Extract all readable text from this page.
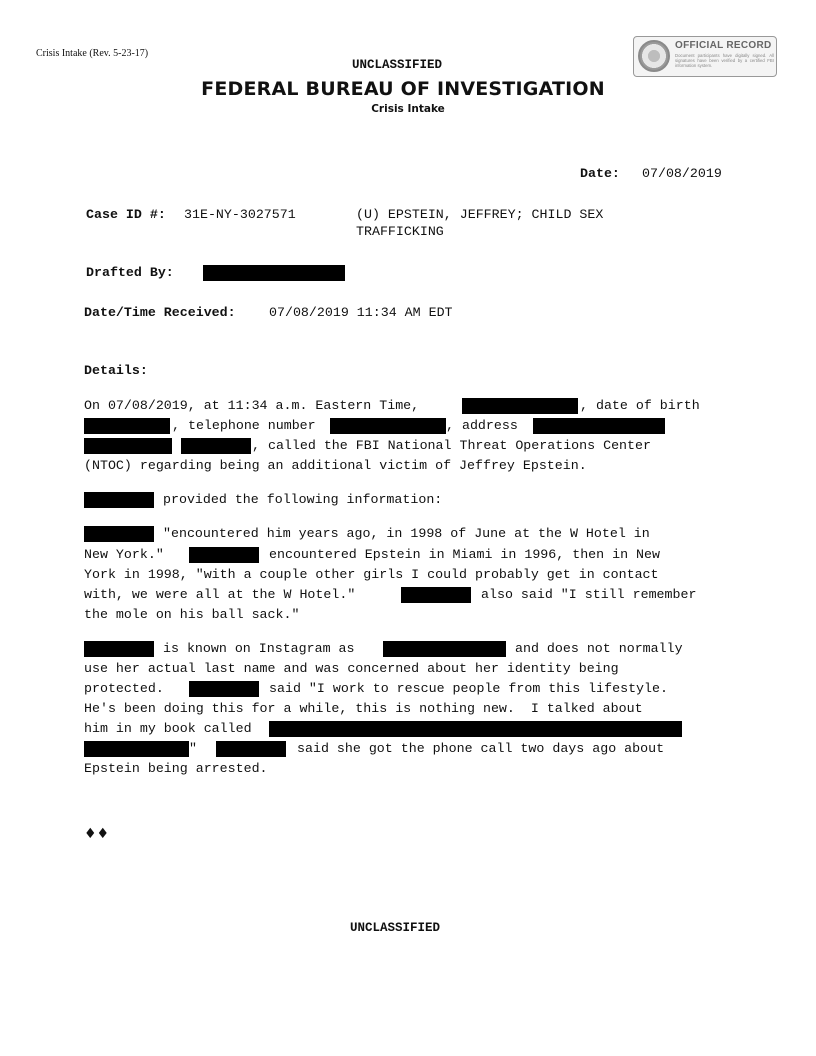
Crisis Intake (Rev. 5-23-17)
UNCLASSIFIED
FEDERAL BUREAU OF INVESTIGATION
Crisis Intake
OFFICIAL RECORD
Document participants have digitally signed. All signatures have been verified by a certified FBI information system.
Date: 07/08/2019
Case ID #: 31E-NY-3027571	(U) EPSTEIN, JEFFREY; CHILD SEX
TRAFFICKING
Drafted By:
Date/Time Received:	07/08/2019 11:34 AM EDT
Details:
On 07/08/2019, at 11:34 a.m. Eastern Time,	, date of birth
, telephone number	, address
, called the FBI National Threat Operations Center
(NTOC) regarding being an additional victim of Jeffrey Epstein.
provided the following information:
"encountered him years ago, in 1998 of June at the W Hotel in
New York."	encountered Epstein in Miami in 1996, then in New
York in 1998, "with a couple other girls I could probably get in contact
with, we were all at the W Hotel."	also said "I still remember
the mole on his ball sack."
is known on Instagram as	and does not normally
use her actual last name and was concerned about her identity being
protected.	said "I work to rescue people from this lifestyle.
He's been doing this for a while, this is nothing new.  I talked about
him in my book called
"	said she got the phone call two days ago about
Epstein being arrested.
♦♦
UNCLASSIFIED
